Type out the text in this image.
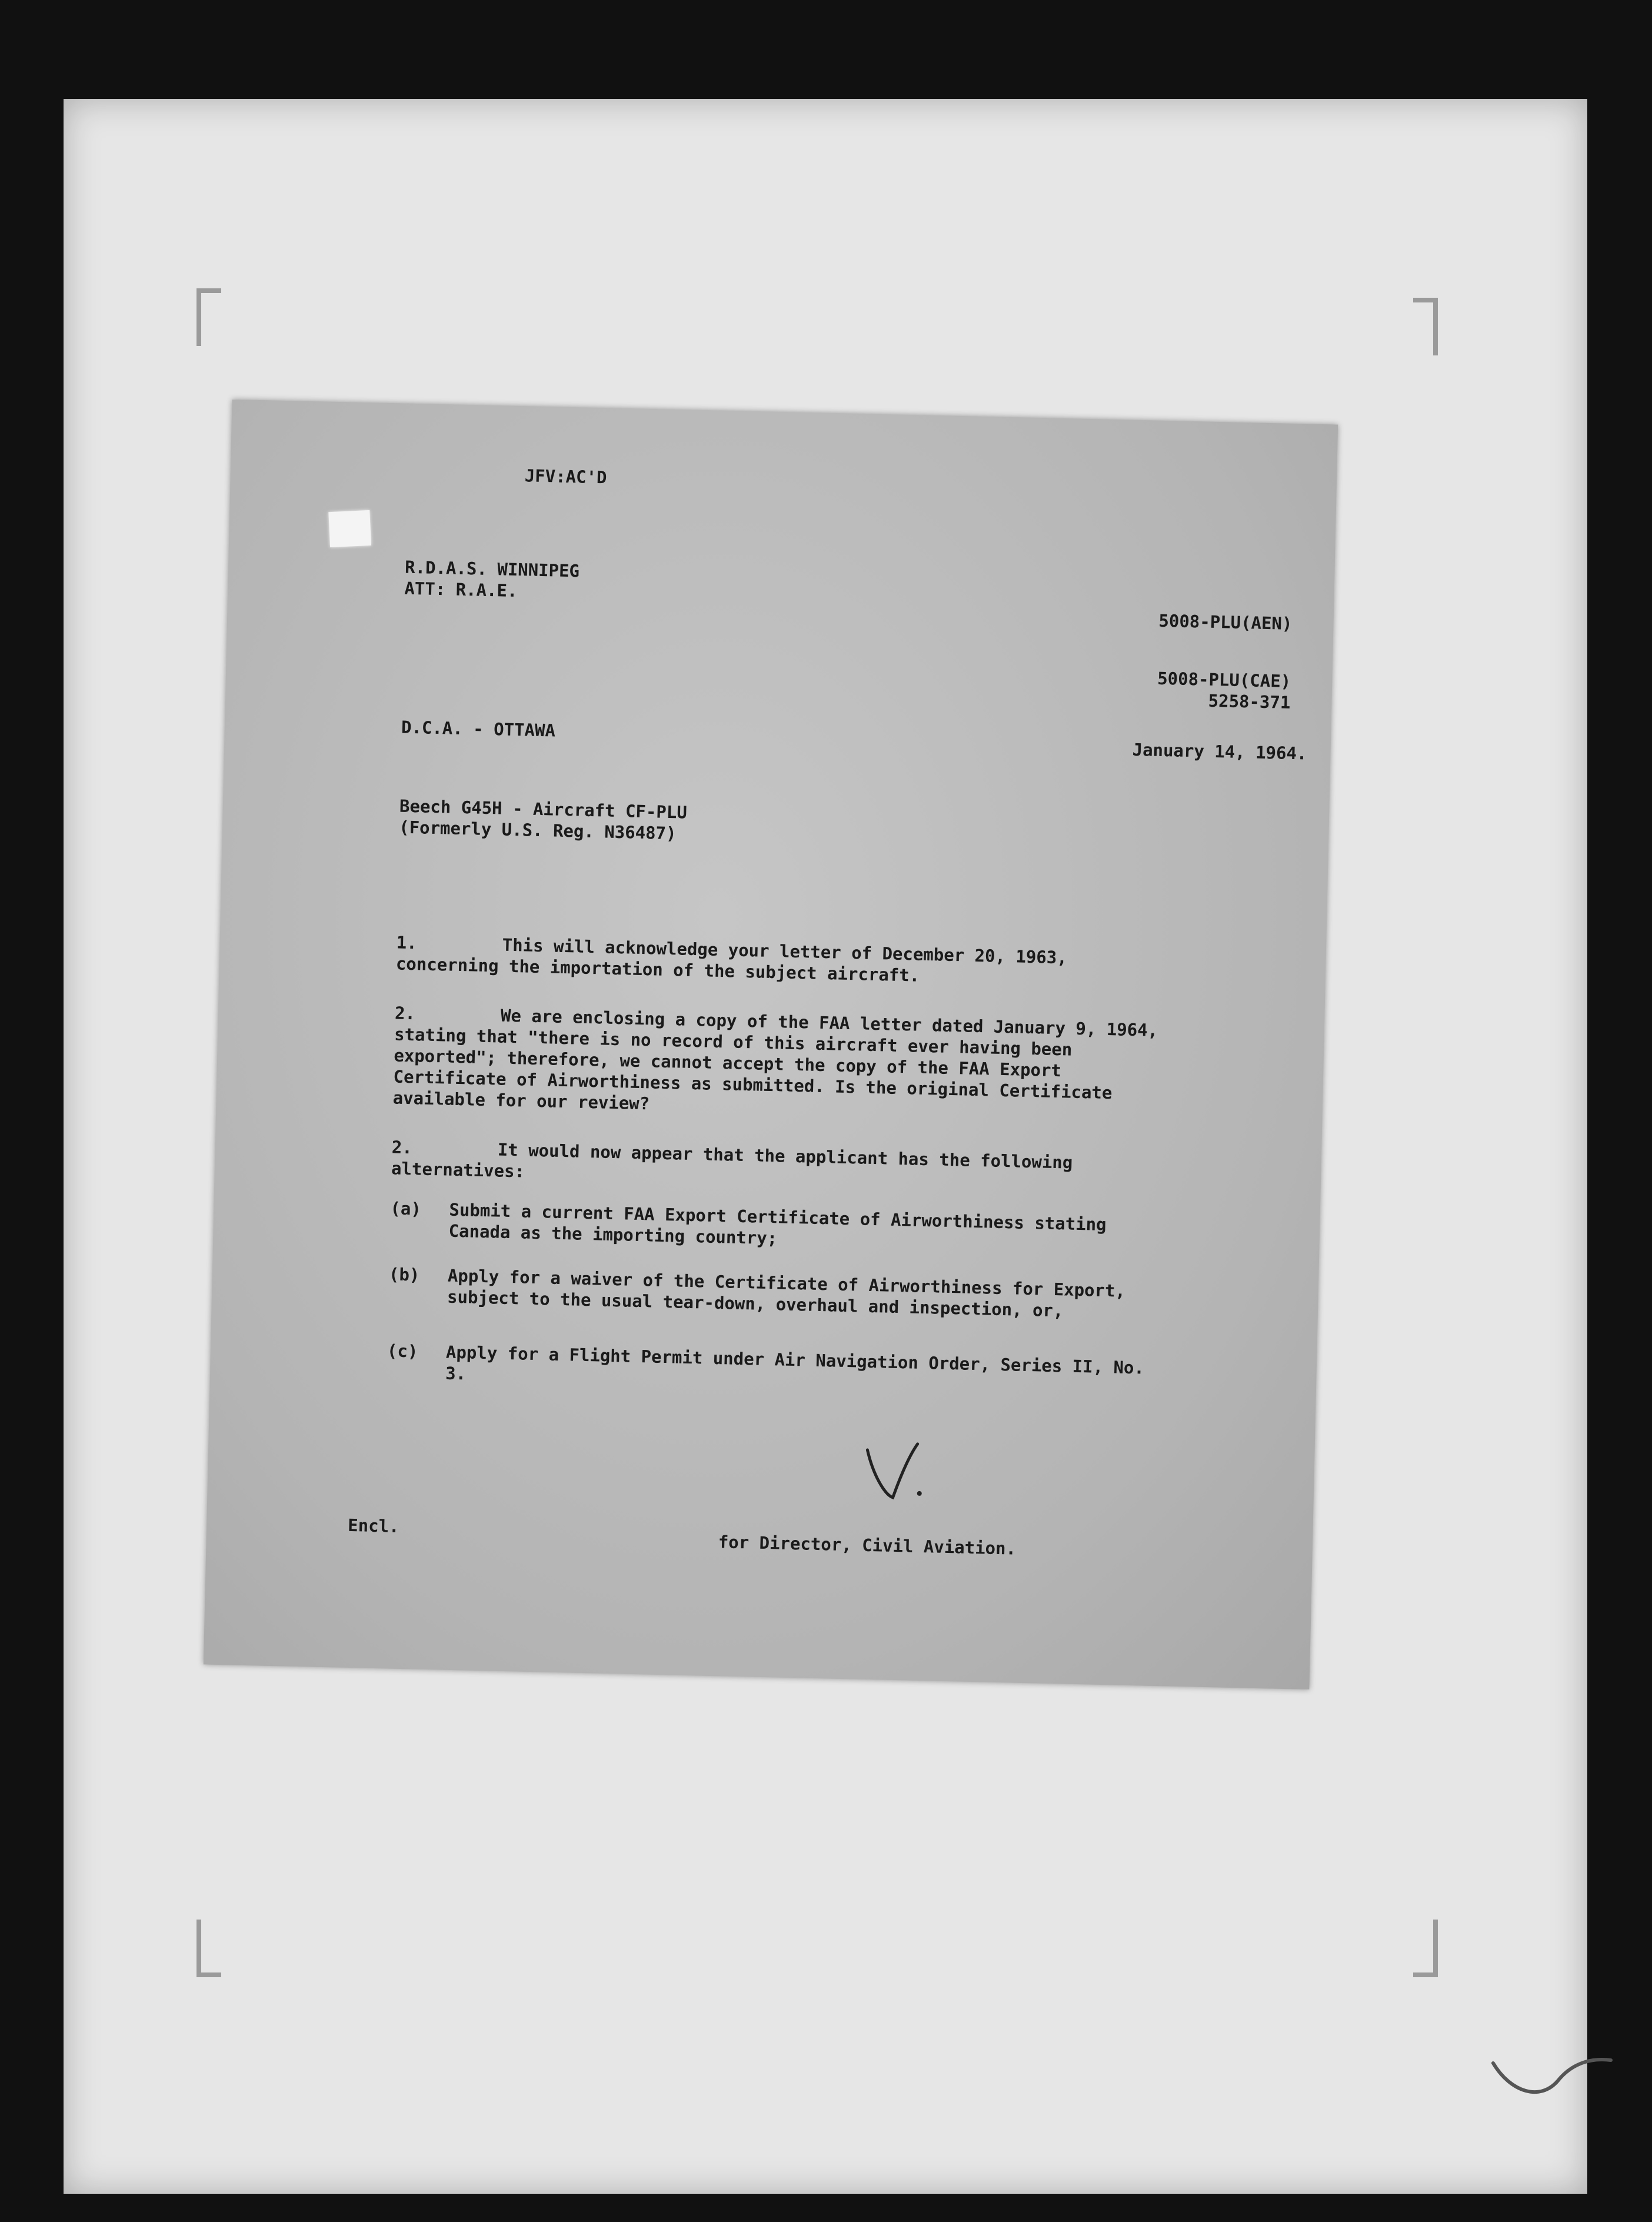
JFV:AC'D
R.D.A.S. WINNIPEG
ATT: R.A.E.
5008-PLU(AEN)
5008-PLU(CAE)
5258-371
D.C.A. - OTTAWA
January 14, 1964.
Beech G45H - Aircraft CF-PLU
(Formerly U.S. Reg. N36487)

1.	This will acknowledge your letter of December 20, 1963, concerning the importation of the subject aircraft.

2.	We are enclosing a copy of the FAA letter dated January 9, 1964, stating that "there is no record of this aircraft ever having been exported"; therefore, we cannot accept the copy of the FAA Export Certificate of Airworthiness as submitted. Is the original Certificate available for our review?

2.	It would now appear that the applicant has the following alternatives:

(a) Submit a current FAA Export Certificate of Airworthiness stating Canada as the importing country;
(b) Apply for a waiver of the Certificate of Airworthiness for Export, subject to the usual tear-down, overhaul and inspection, or,
(c) Apply for a Flight Permit under Air Navigation Order, Series II, No. 3.
Encl.
for Director, Civil Aviation.
